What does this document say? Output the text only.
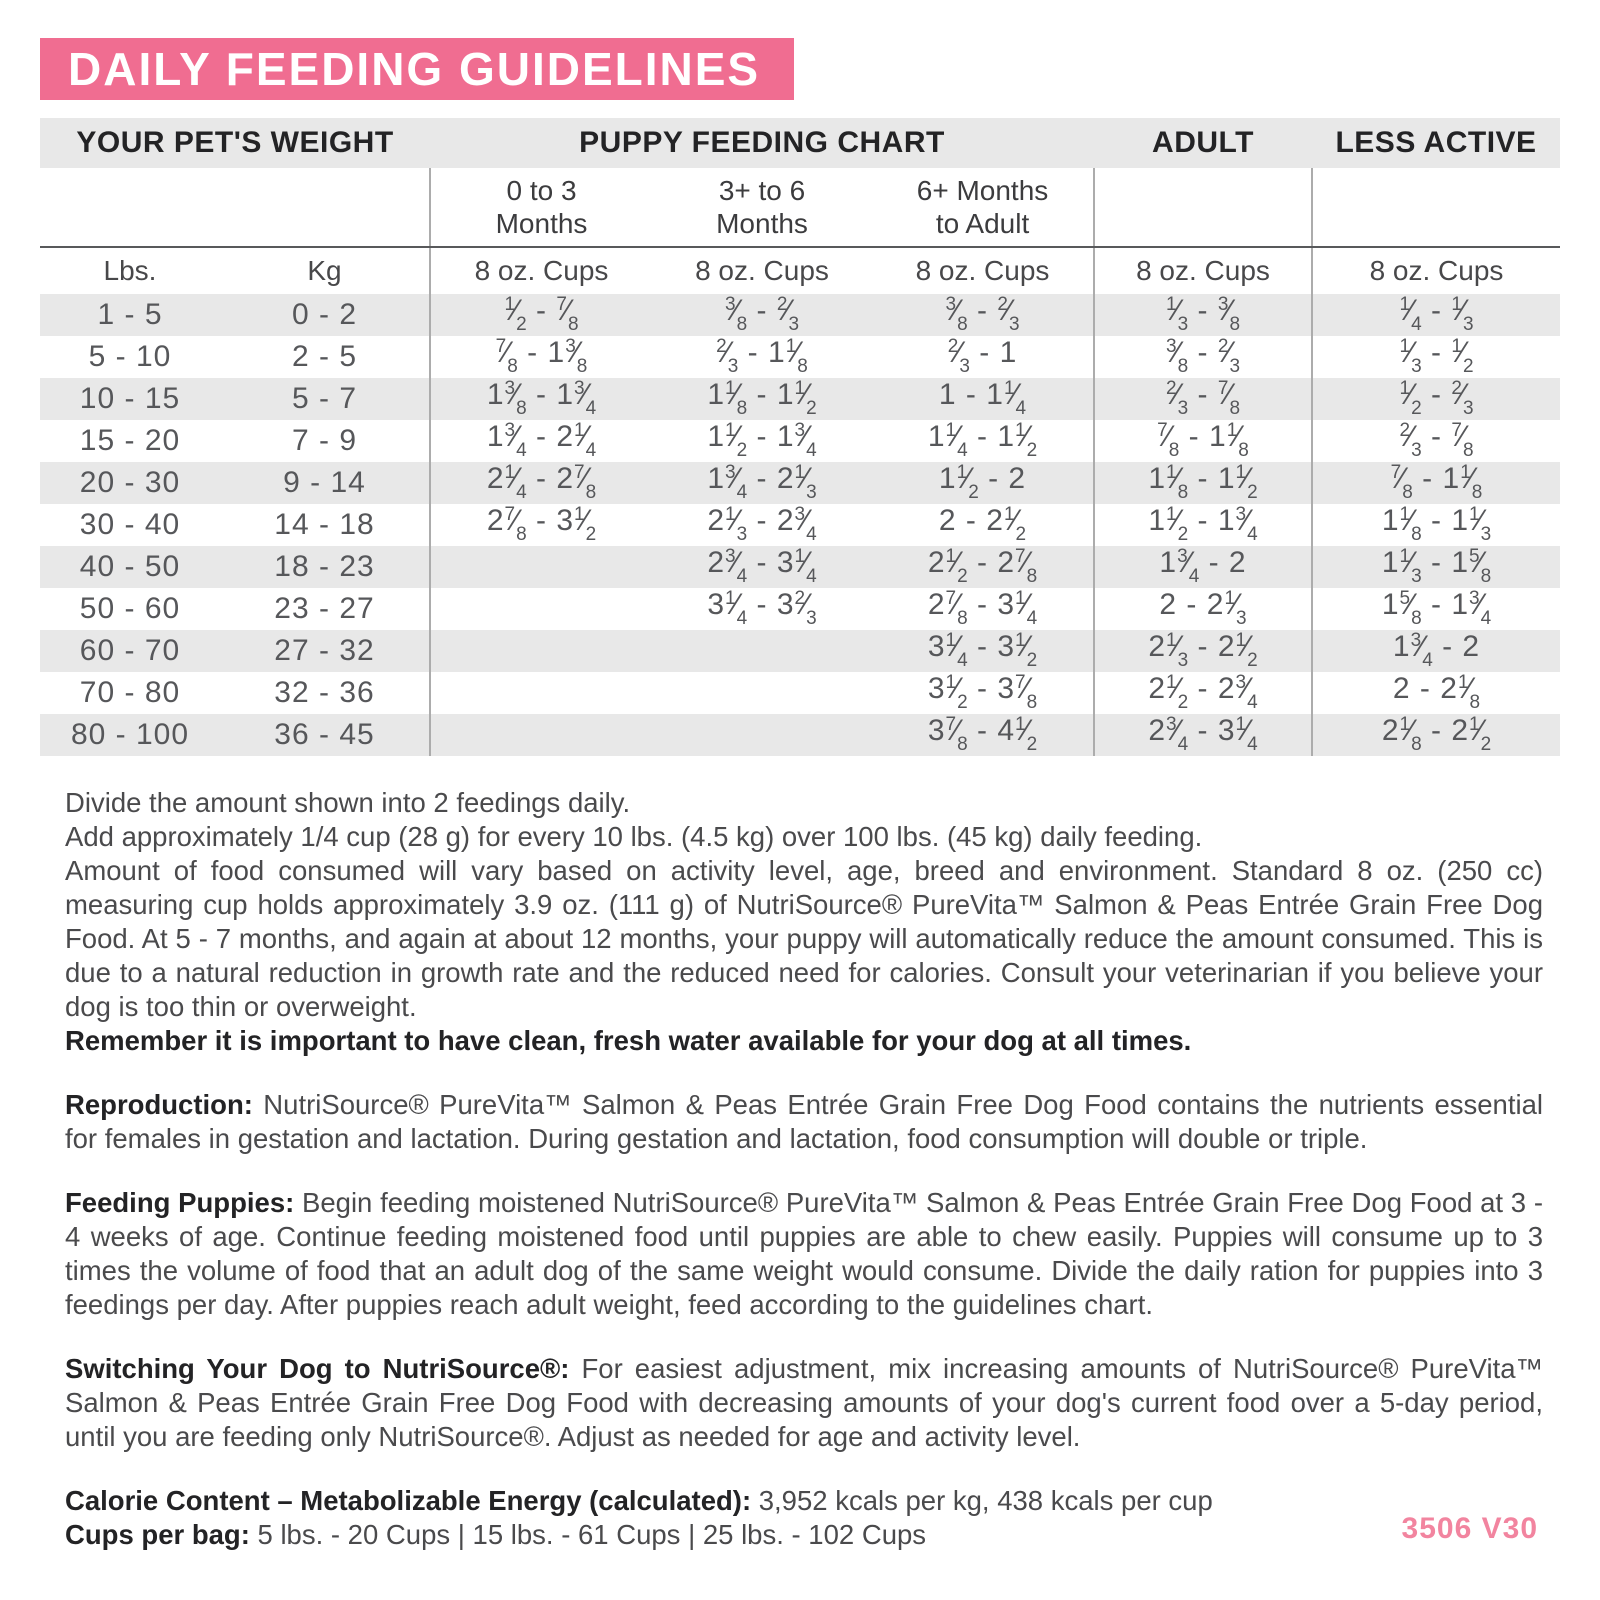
DAILY FEEDING GUIDELINES
YOUR PET'S WEIGHT		PUPPY FEEDING CHART			ADULT	LESS ACTIVE
		0 to 3 Months	3+ to 6 Months	6+ Months to Adult		
Lbs.	Kg	8 oz. Cups	8 oz. Cups	8 oz. Cups	8 oz. Cups	8 oz. Cups
1 - 5	0 - 2	$^1⁄_2$ - $^7⁄_8$	$^3⁄_8$ - $^2⁄_3$	$^3⁄_8$ - $^2⁄_3$	$^1⁄_3$ - $^3⁄_8$	$^1⁄_4$ - $^1⁄_3$
5 - 10	2 - 5	$^7⁄_8$ - $1^3⁄_8$	$^2⁄_3$ - $1^1⁄_8$	$^2⁄_3 - 1$	$^3⁄_8$ - $^2⁄_3$	$^1⁄_3$ - $^1⁄_2$
10 - 15	5 - 7	$1^3⁄_8$ - $1^3⁄_4$	$1^1⁄_8$ - $1^1⁄_2$	$1 - 1^1⁄_4$	$^2⁄_3$ - $^7⁄_8$	$^1⁄_2$ - $^2⁄_3$
15 - 20	7 - 9	$1^3⁄_4$ - $2^1⁄_4$	$1^1⁄_2$ - $1^3⁄_4$	$1^1⁄_4$ - $1^1⁄_2$	$^7⁄_8$ - $1^1⁄_8$	$^2⁄_3$ - $^7⁄_8$
20 - 30	9 - 14	$2^1⁄_4$ - $2^7⁄_8$	$1^3⁄_4$ - $2^1⁄_3$	$1^1⁄_2 - 2$	$1^1⁄_8$ - $1^1⁄_2$	$^7⁄_8$ - $1^1⁄_8$
30 - 40	14 - 18	$2^7⁄_8$ - $3^1⁄_2$	$2^1⁄_3$ - $2^3⁄_4$	$2 - 2^1⁄_2$	$1^1⁄_2$ - $1^3⁄_4$	$1^1⁄_8$ - $1^1⁄_3$
40 - 50	18 - 23		$2^3⁄_4$ - $3^1⁄_4$	$2^1⁄_2$ - $2^7⁄_8$	$1^3⁄_4 - 2$	$1^1⁄_3$ - $1^5⁄_8$
50 - 60	23 - 27		$3^1⁄_4$ - $3^2⁄_3$	$2^7⁄_8$ - $3^1⁄_4$	$2 - 2^1⁄_3$	$1^5⁄_8$ - $1^3⁄_4$
60 - 70	27 - 32			$3^1⁄_4$ - $3^1⁄_2$	$2^1⁄_3$ - $2^1⁄_2$	$1^3⁄_4 - 2$
70 - 80	32 - 36			$3^1⁄_2$ - $3^7⁄_8$	$2^1⁄_2$ - $2^3⁄_4$	$2 - 2^1⁄_8$
80 - 100	36 - 45			$3^7⁄_8$ - $4^1⁄_2$	$2^3⁄_4$ - $3^1⁄_4$	$2^1⁄_8$ - $2^1⁄_2$

Divide the amount shown into 2 feedings daily.

Add approximately 1/4 cup (28 g) for every 10 lbs. (4.5 kg) over 100 lbs. (45 kg) daily feeding.

Amount of food consumed will vary based on activity level, age, breed and environment. Standard 8 oz. (250 cc) measuring cup holds approximately 3.9 oz. (111 g) of NutriSource® PureVita™ Salmon & Peas Entrée Grain Free Dog Food. At 5 - 7 months, and again at about 12 months, your puppy will automatically reduce the amount consumed. This is due to a natural reduction in growth rate and the reduced need for calories. Consult your veterinarian if you believe your dog is too thin or overweight.

Remember it is important to have clean, fresh water available for your dog at all times.

Reproduction: NutriSource® PureVita™ Salmon & Peas Entrée Grain Free Dog Food contains the nutrients essential for females in gestation and lactation. During gestation and lactation, food consumption will double or triple.

Feeding Puppies: Begin feeding moistened NutriSource® PureVita™ Salmon & Peas Entrée Grain Free Dog Food at 3 - 4 weeks of age. Continue feeding moistened food until puppies are able to chew easily. Puppies will consume up to 3 times the volume of food that an adult dog of the same weight would consume. Divide the daily ration for puppies into 3 feedings per day. After puppies reach adult weight, feed according to the guidelines chart.

Switching Your Dog to NutriSource®: For easiest adjustment, mix increasing amounts of NutriSource® PureVita™ Salmon & Peas Entrée Grain Free Dog Food with decreasing amounts of your dog's current food over a 5-day period, until you are feeding only NutriSource®. Adjust as needed for age and activity level.

Calorie Content – Metabolizable Energy (calculated): 3,952 kcals per kg, 438 kcals per cup

Cups per bag: 5 lbs. - 20 Cups | 15 lbs. - 61 Cups | 25 lbs. - 102 Cups	3506 V30
